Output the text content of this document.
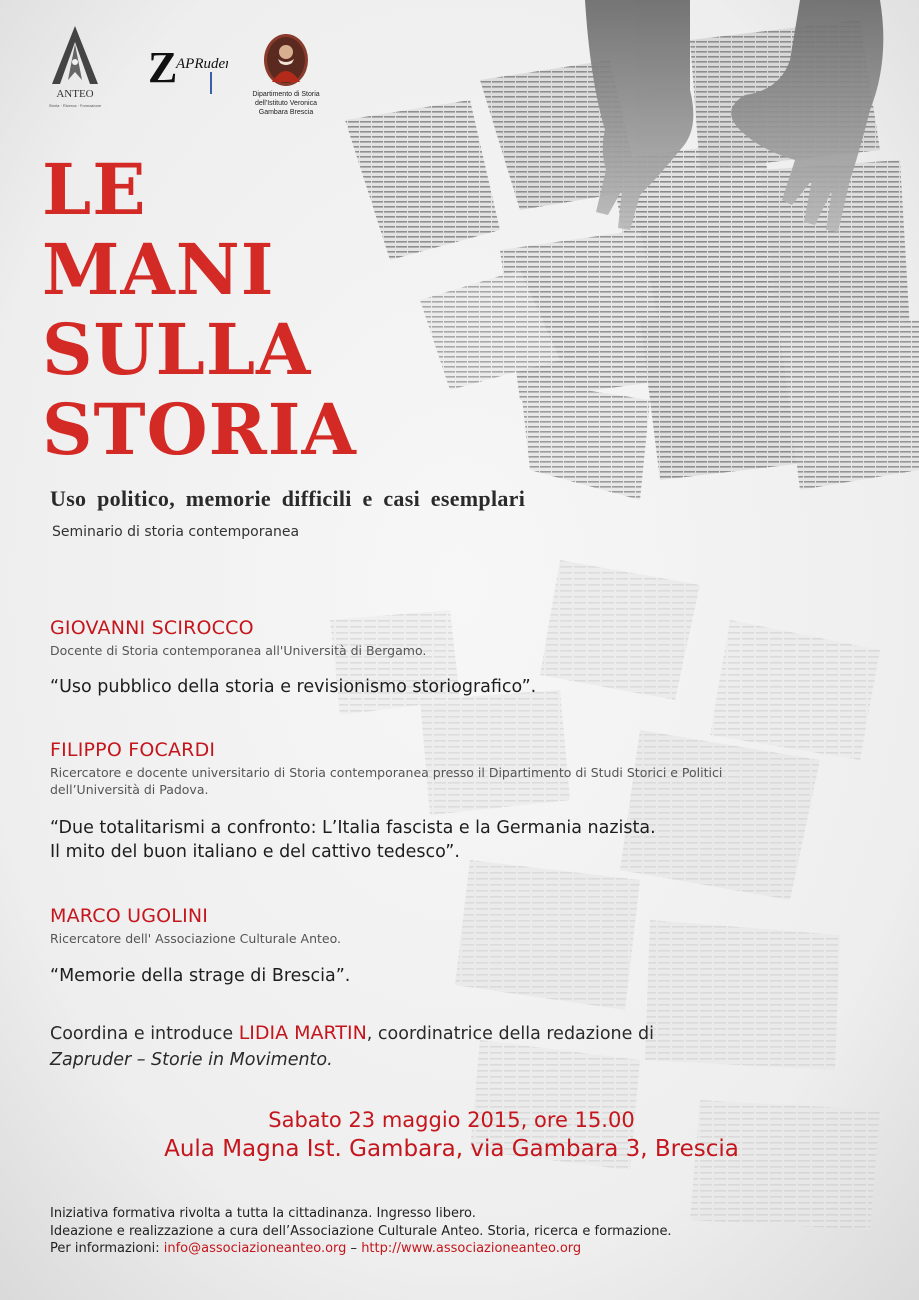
ANTEO
Storia · Ricerca · Formazione
Z
APRuder
Dipartimento di Storia
dell'Istituto Veronica
Gambara Brescia
LE
MANI
SULLA
STORIA
Uso politico, memorie difficili e casi esemplari
Seminario di storia contemporanea
GIOVANNI SCIROCCO
Docente di Storia contemporanea all'Università di Bergamo.
“Uso pubblico della storia e revisionismo storiografico”.
FILIPPO FOCARDI
Ricercatore e docente universitario di Storia contemporanea presso il Dipartimento di Studi Storici e Politici
dell’Università di Padova.
“Due totalitarismi a confronto: L’Italia fascista e la Germania nazista.
Il mito del buon italiano e del cattivo tedesco”.
MARCO UGOLINI
Ricercatore dell' Associazione Culturale Anteo.
“Memorie della strage di Brescia”.
Coordina e introduce LIDIA MARTIN, coordinatrice della redazione di
Zapruder – Storie in Movimento.
Sabato 23 maggio 2015, ore 15.00
Aula Magna Ist. Gambara, via Gambara 3, Brescia
Iniziativa formativa rivolta a tutta la cittadinanza. Ingresso libero.
Ideazione e realizzazione a cura dell’Associazione Culturale Anteo. Storia, ricerca e formazione.
Per informazioni: info@associazioneanteo.org – http://www.associazioneanteo.org
